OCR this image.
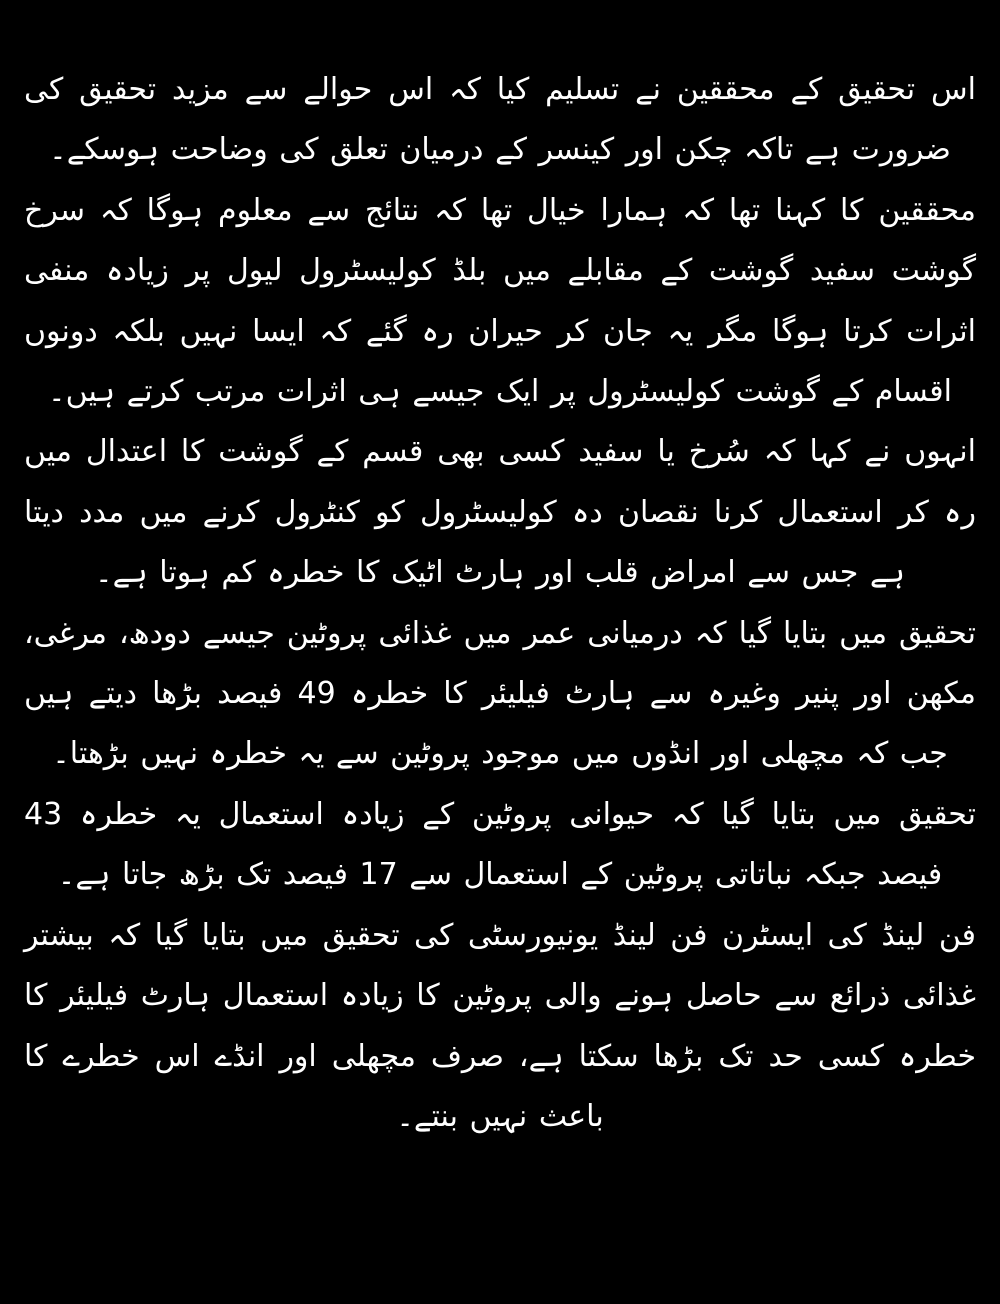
اس تحقیق کے محققین نے تسلیم کیا کہ اس حوالے سے مزید تحقیق کی ضرورت ہے تاکہ چکن اور کینسر کے درمیان تعلق کی وضاحت ہوسکے۔

محققین کا کہنا تھا کہ ہمارا خیال تھا کہ نتائج سے معلوم ہوگا کہ سرخ گوشت سفید گوشت کے مقابلے میں بلڈ کولیسٹرول لیول پر زیادہ منفی اثرات کرتا ہوگا مگر یہ جان کر حیران رہ گئے کہ ایسا نہیں بلکہ دونوں اقسام کے گوشت کولیسٹرول پر ایک جیسے ہی اثرات مرتب کرتے ہیں۔

انہوں نے کہا کہ سُرخ یا سفید کسی بھی قسم کے گوشت کا اعتدال میں رہ کر استعمال کرنا نقصان دہ کولیسٹرول کو کنٹرول کرنے میں مدد دیتا ہے جس سے امراض قلب اور ہارٹ اٹیک کا خطرہ کم ہوتا ہے۔

تحقیق میں بتایا گیا کہ درمیانی عمر میں غذائی پروٹین جیسے دودھ، مرغی، مکھن اور پنیر وغیرہ سے ہارٹ فیلیئر کا خطرہ 49 فیصد بڑھا دیتے ہیں جب کہ مچھلی اور انڈوں میں موجود پروٹین سے یہ خطرہ نہیں بڑھتا۔

تحقیق میں بتایا گیا کہ حیوانی پروٹین کے زیادہ استعمال یہ خطرہ 43 فیصد جبکہ نباتاتی پروٹین کے استعمال سے 17 فیصد تک بڑھ جاتا ہے۔

فن لینڈ کی ایسٹرن فن لینڈ یونیورسٹی کی تحقیق میں بتایا گیا کہ بیشتر غذائی ذرائع سے حاصل ہونے والی پروٹین کا زیادہ استعمال ہارٹ فیلیئر کا خطرہ کسی حد تک بڑھا سکتا ہے، صرف مچھلی اور انڈے اس خطرے کا باعث نہیں بنتے۔
